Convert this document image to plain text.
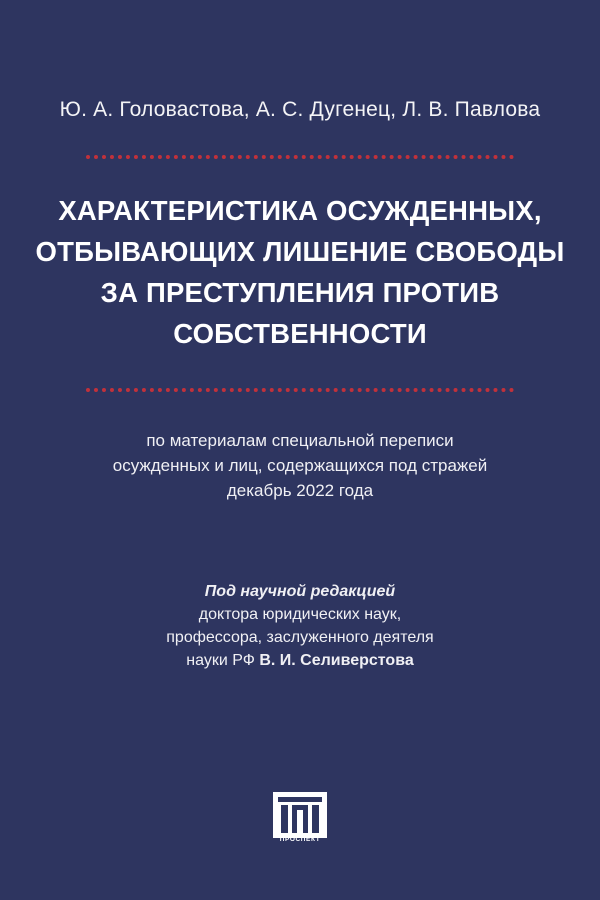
Ю. А. Головастова, А. С. Дугенец, Л. В. Павлова
ХАРАКТЕРИСТИКА ОСУЖДЕННЫХ,
ОТБЫВАЮЩИХ ЛИШЕНИЕ СВОБОДЫ
ЗА ПРЕСТУПЛЕНИЯ ПРОТИВ
СОБСТВЕННОСТИ
по материалам специальной переписи
осужденных и лиц, содержащихся под стражей
декабрь 2022 года
Под научной редакцией
доктора юридических наук,
профессора, заслуженного деятеля
науки РФ В. И. Селиверстова
ПРОСПЕКТ
